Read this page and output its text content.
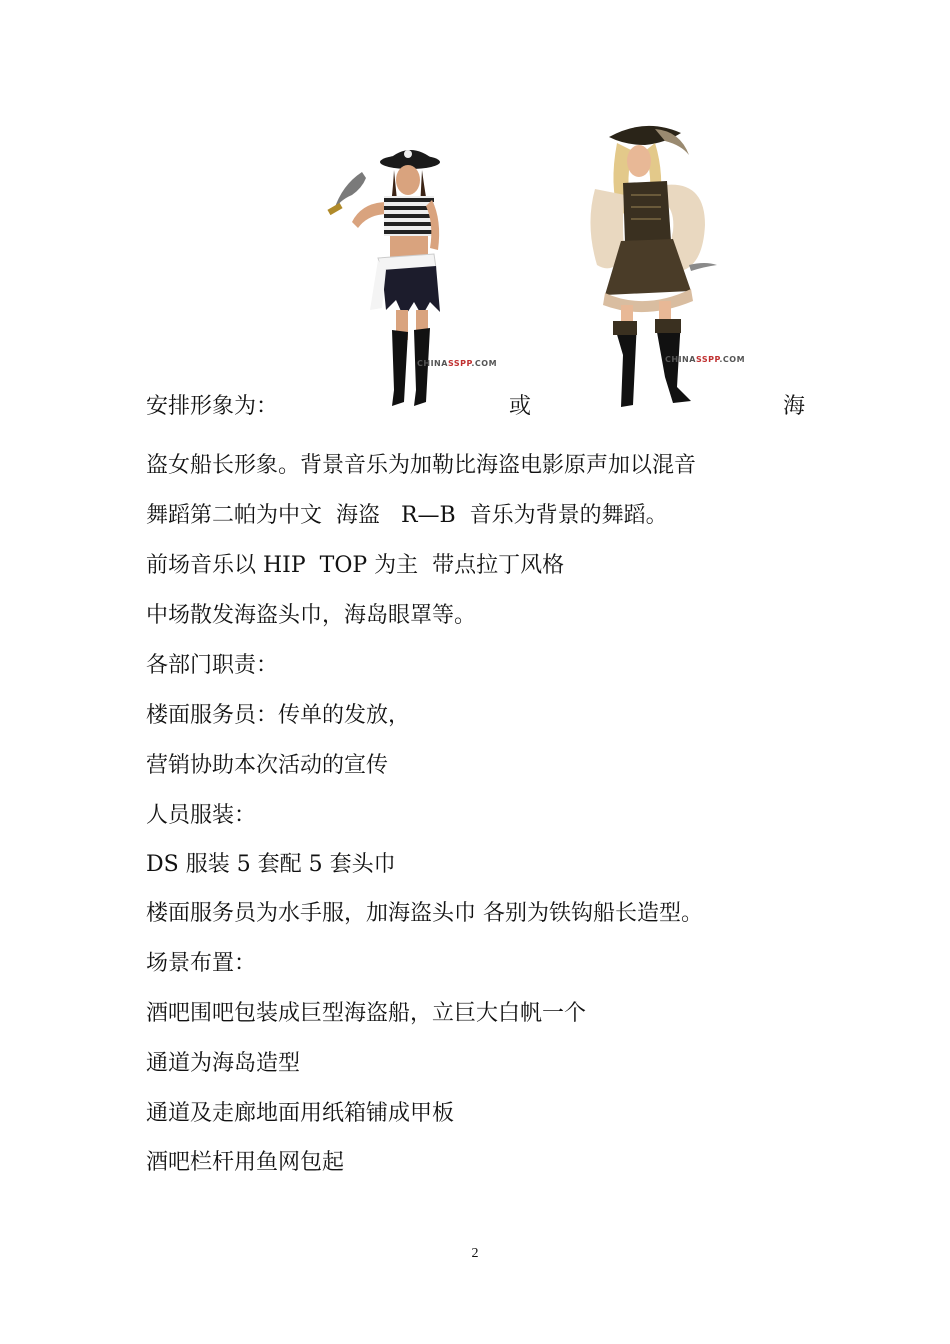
安排形象为：	或	海
CHINASSPP.COM	CHINASSPP.COM
盗女船长形象。背景音乐为加勒比海盗电影原声加以混音
舞蹈第二帕为中文  海盗   R—B  音乐为背景的舞蹈。
前场音乐以 HIP  TOP 为主  带点拉丁风格
中场散发海盗头巾，海岛眼罩等。
各部门职责：
楼面服务员：传单的发放，
营销协助本次活动的宣传
人员服装：
DS 服装 5 套配 5 套头巾
楼面服务员为水手服，加海盗头巾 各别为铁钩船长造型。
场景布置：
酒吧围吧包装成巨型海盗船，立巨大白帆一个
通道为海岛造型
通道及走廊地面用纸箱铺成甲板
酒吧栏杆用鱼网包起
2
